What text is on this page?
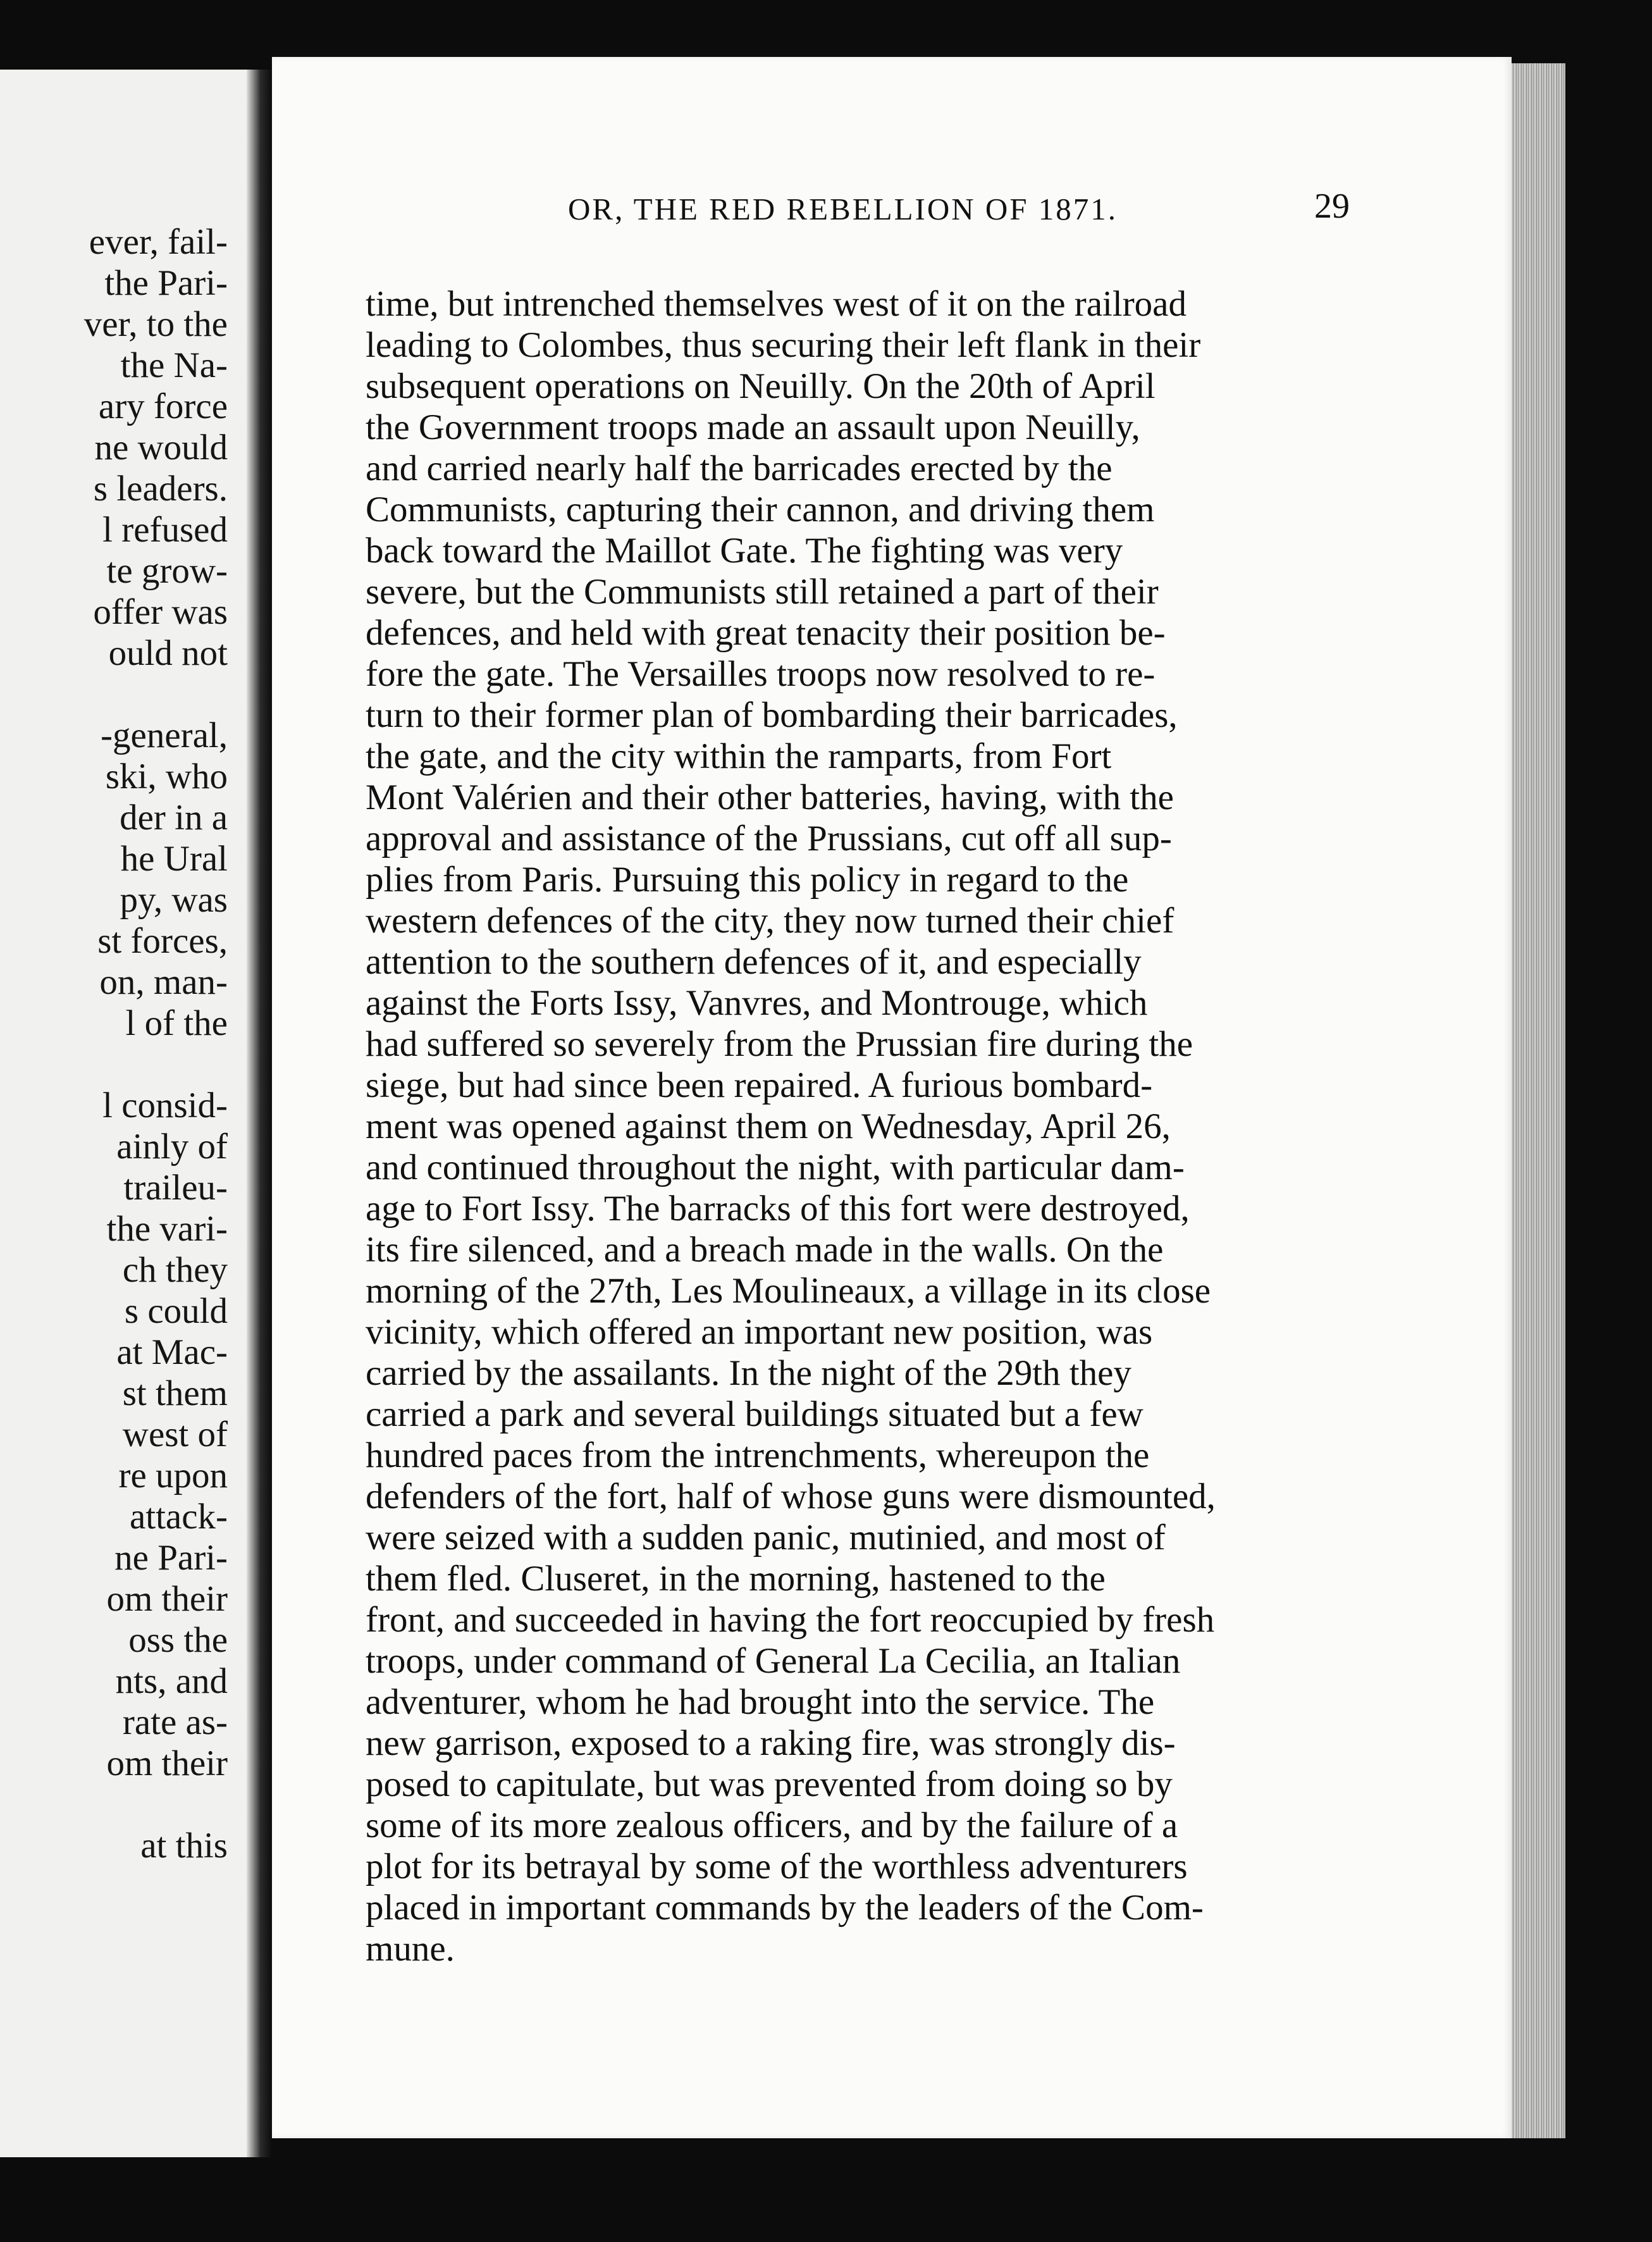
ever, fail-
the Pari-
ver, to the
the Na-
ary force
ne would
s leaders.
l refused
te grow-
offer was
ould not
-general,
ski, who
der in a
he Ural
py, was
st forces,
on, man-
l of the
l consid-
ainly of
traileu-
the vari-
ch they
s could
at Mac-
st them
west of
re upon
attack-
ne Pari-
om their
oss the
nts, and
rate as-
om their
at this
OR, THE RED REBELLION OF 1871.	29
time, but intrenched themselves west of it on the railroad
leading to Colombes, thus securing their left flank in their
subsequent operations on Neuilly. On the 20th of April
the Government troops made an assault upon Neuilly,
and carried nearly half the barricades erected by the
Communists, capturing their cannon, and driving them
back toward the Maillot Gate. The fighting was very
severe, but the Communists still retained a part of their
defences, and held with great tenacity their position be-
fore the gate. The Versailles troops now resolved to re-
turn to their former plan of bombarding their barricades,
the gate, and the city within the ramparts, from Fort
Mont Valérien and their other batteries, having, with the
approval and assistance of the Prussians, cut off all sup-
plies from Paris. Pursuing this policy in regard to the
western defences of the city, they now turned their chief
attention to the southern defences of it, and especially
against the Forts Issy, Vanvres, and Montrouge, which
had suffered so severely from the Prussian fire during the
siege, but had since been repaired. A furious bombard-
ment was opened against them on Wednesday, April 26,
and continued throughout the night, with particular dam-
age to Fort Issy. The barracks of this fort were destroyed,
its fire silenced, and a breach made in the walls. On the
morning of the 27th, Les Moulineaux, a village in its close
vicinity, which offered an important new position, was
carried by the assailants. In the night of the 29th they
carried a park and several buildings situated but a few
hundred paces from the intrenchments, whereupon the
defenders of the fort, half of whose guns were dismounted,
were seized with a sudden panic, mutinied, and most of
them fled. Cluseret, in the morning, hastened to the
front, and succeeded in having the fort reoccupied by fresh
troops, under command of General La Cecilia, an Italian
adventurer, whom he had brought into the service. The
new garrison, exposed to a raking fire, was strongly dis-
posed to capitulate, but was prevented from doing so by
some of its more zealous officers, and by the failure of a
plot for its betrayal by some of the worthless adventurers
placed in important commands by the leaders of the Com-
mune.
